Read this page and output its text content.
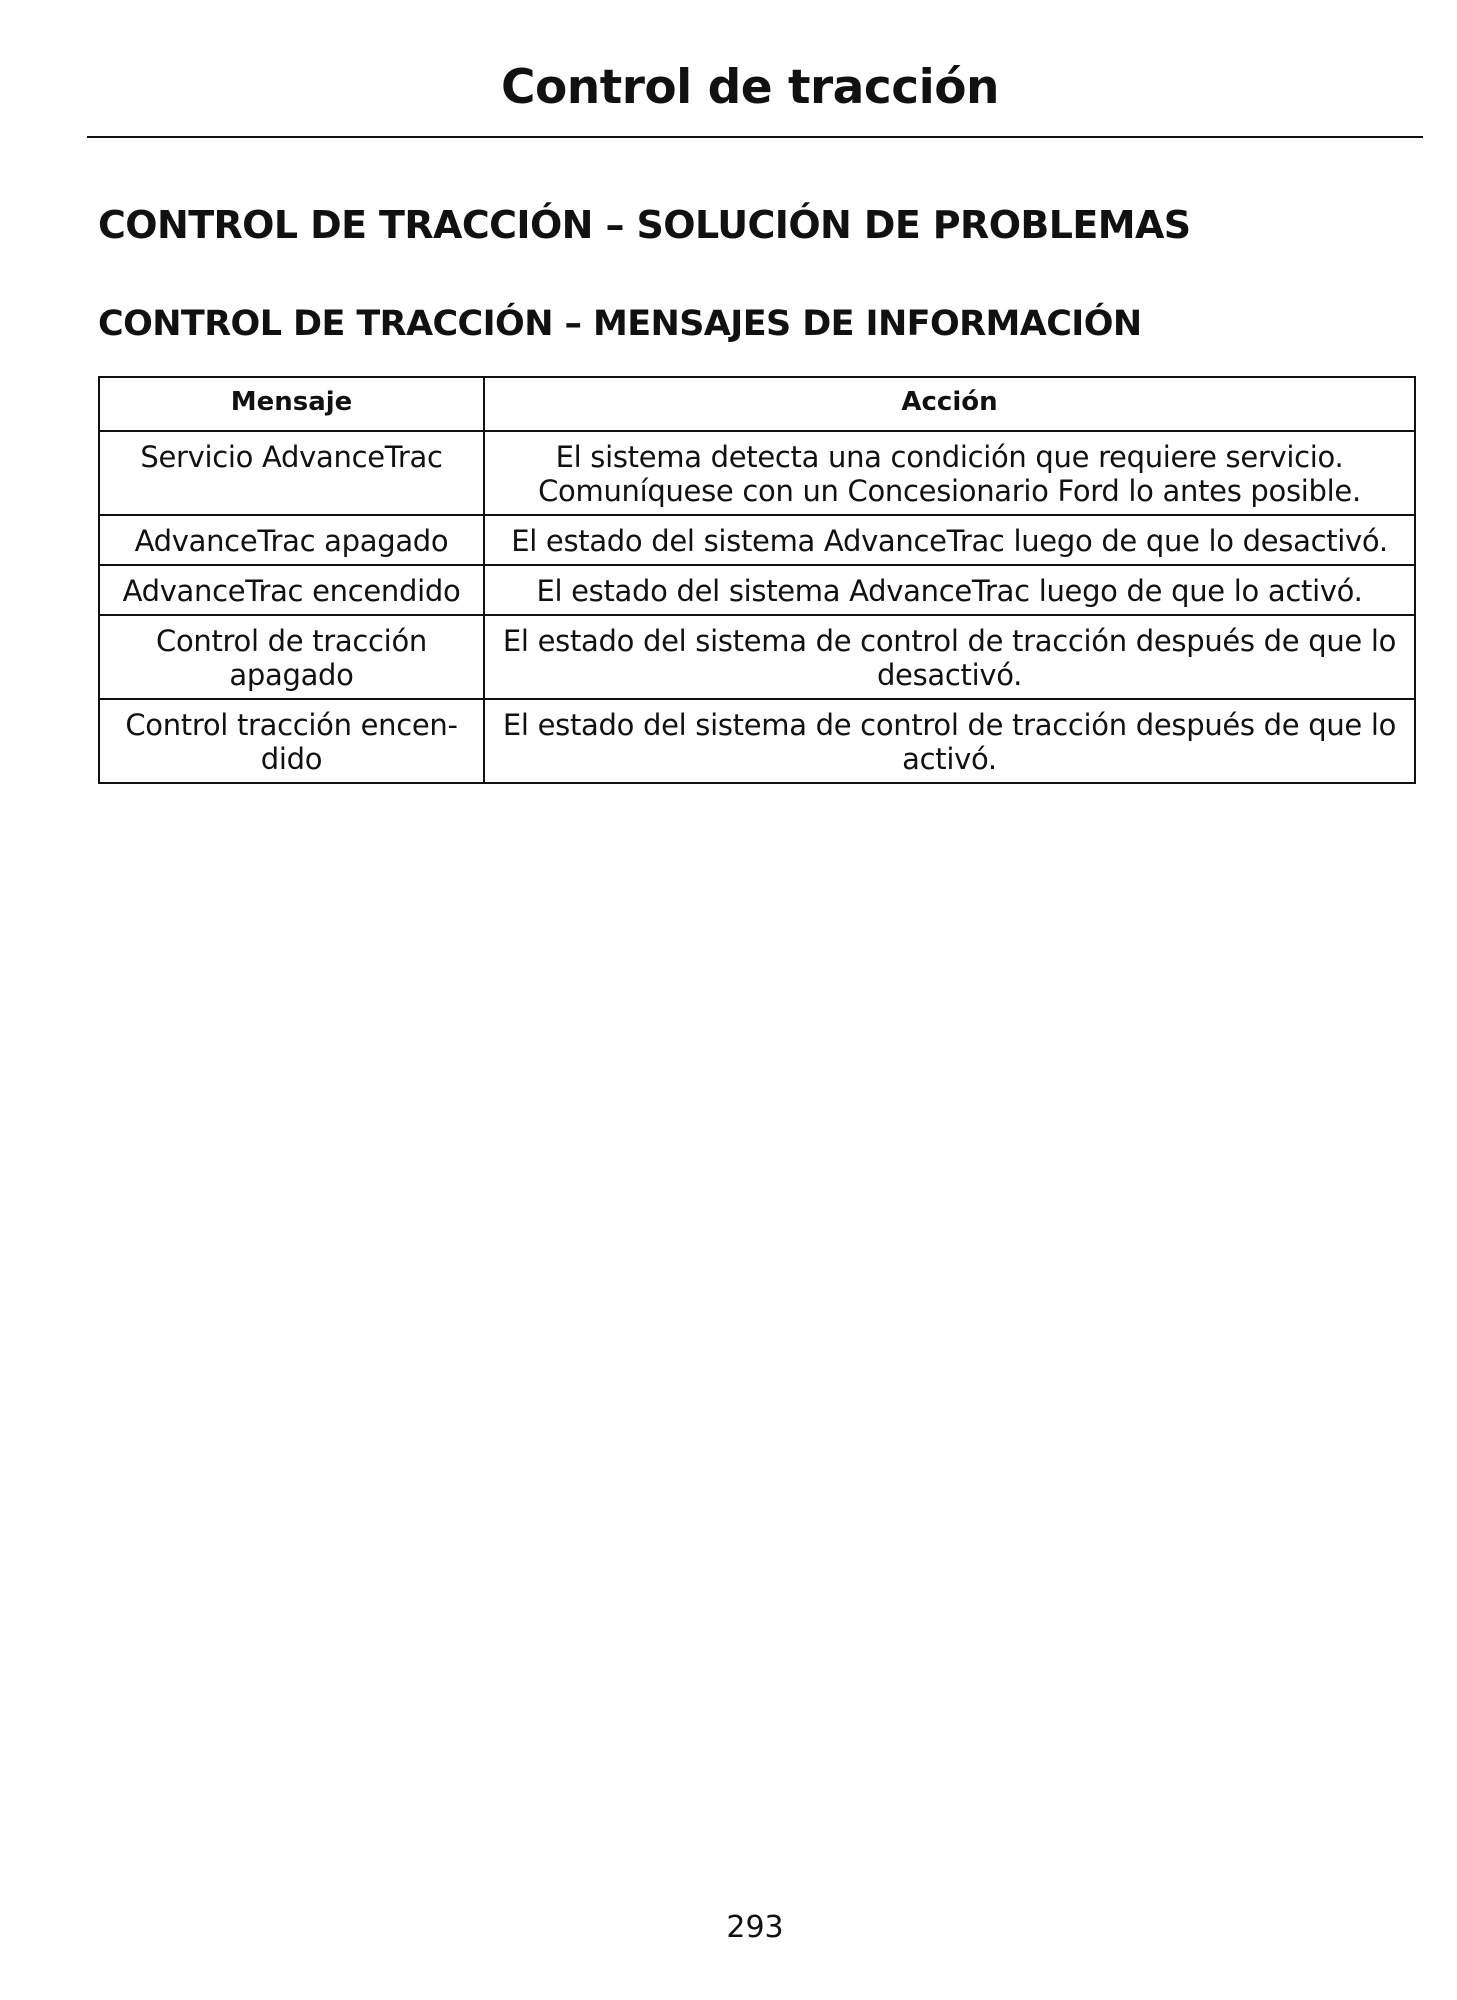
Control de tracción
CONTROL DE TRACCIÓN – SOLUCIÓN DE PROBLEMAS
CONTROL DE TRACCIÓN – MENSAJES DE INFORMACIÓN
Mensaje	Acción
Servicio AdvanceTrac	El sistema detecta una condición que requiere servicio. Comuníquese con un Concesionario Ford lo antes posible.
AdvanceTrac apagado	El estado del sistema AdvanceTrac luego de que lo desactivó.
AdvanceTrac encendido	El estado del sistema AdvanceTrac luego de que lo activó.
Control de tracción apagado	El estado del sistema de control de tracción después de que lo desactivó.
Control tracción encen-dido	El estado del sistema de control de tracción después de que lo activó.
293
